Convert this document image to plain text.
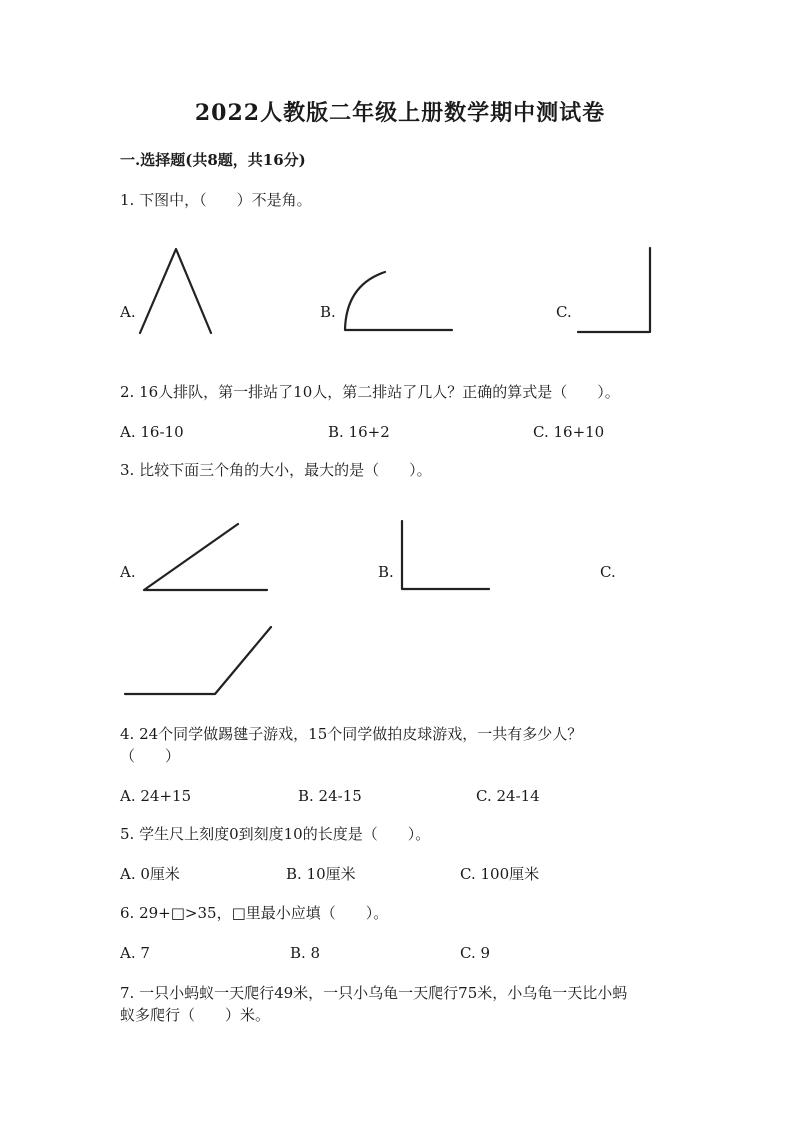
2022人教版二年级上册数学期中测试卷
一.选择题(共8题，共16分)
1. 下图中，（　　）不是角。
A.	B.	C.
2. 16人排队，第一排站了10人，第二排站了几人？正确的算式是（　　）。
A. 16-10	B. 16+2	C. 16+10
3. 比较下面三个角的大小，最大的是（　　）。
A.	B.	C.
4. 24个同学做踢毽子游戏，15个同学做拍皮球游戏，一共有多少人？
（　　）
A. 24+15	B. 24-15	C. 24-14
5. 学生尺上刻度0到刻度10的长度是（　　）。
A. 0厘米	B. 10厘米	C. 100厘米
6. 29+□>35，□里最小应填（　　）。
A. 7	B. 8	C. 9
7. 一只小蚂蚁一天爬行49米，一只小乌龟一天爬行75米，小乌龟一天比小蚂
蚁多爬行（　　）米。
